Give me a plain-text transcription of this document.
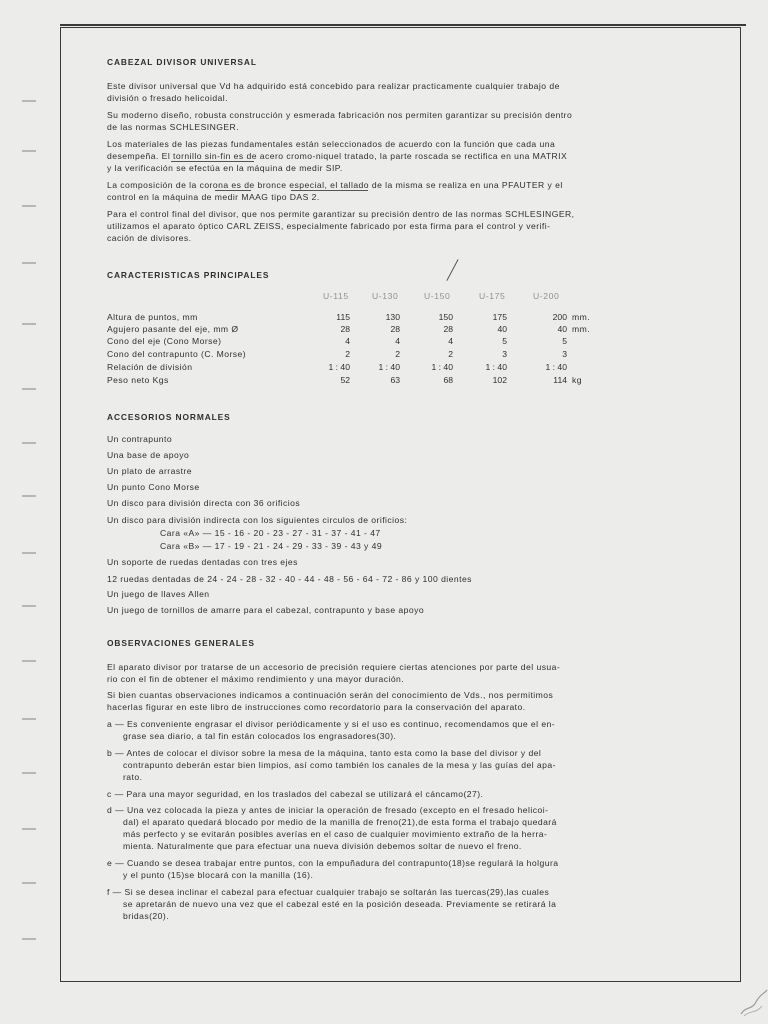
CABEZAL DIVISOR UNIVERSAL
Este divisor universal que Vd ha adquirido está concebido para realizar practicamente cualquier trabajo de
división o fresado helicoidal.
Su moderno diseño, robusta construcción y esmerada fabricación nos permiten garantizar su precisión dentro
de las normas SCHLESINGER.
Los materiales de las piezas fundamentales están seleccionados de acuerdo con la función que cada una
desempeña. El tornillo sin-fin es de acero cromo-niquel tratado, la parte roscada se rectifica en una MATRIX
y la verificación se efectúa en la máquina de medir SIP.
La composición de la corona es de bronce especial, el tallado de la misma se realiza en una PFAUTER y el
control en la máquina de medir MAAG tipo DAS 2.
Para el control final del divisor, que nos permite garantizar su precisión dentro de las normas SCHLESINGER,
utilizamos el aparato óptico CARL ZEISS, especialmente fabricado por esta firma para el control y verifi-
cación de divisores.
CARACTERISTICAS PRINCIPALES
U-115	U-130	U-150	U-175	U-200
Altura de puntos, mm	115	130	150	175	200 mm.
Agujero pasante del eje, mm Ø	28	28	28	40	40 mm.
Cono del eje (Cono Morse)	4	4	4	5	5
Cono del contrapunto (C. Morse)	2	2	2	3	3
Relación de división	1 : 40	1 : 40	1 : 40	1 : 40	1 : 40
Peso neto Kgs	52	63	68	102	114 kg
ACCESORIOS NORMALES
Un contrapunto
Una base de apoyo
Un plato de arrastre
Un punto Cono Morse
Un disco para división directa con 36 orificios
Un disco para división indirecta con los siguientes circulos de orificios:
Cara «A» — 15 - 16 - 20 - 23 - 27 - 31 - 37 - 41 - 47
Cara «B» — 17 - 19 - 21 - 24 - 29 - 33 - 39 - 43 y 49
Un soporte de ruedas dentadas con tres ejes
12 ruedas dentadas de 24 - 24 - 28 - 32 - 40 - 44 - 48 - 56 - 64 - 72 - 86 y 100 dientes
Un juego de llaves Allen
Un juego de tornillos de amarre para el cabezal, contrapunto y base apoyo
OBSERVACIONES GENERALES
El aparato divisor por tratarse de un accesorio de precisión requiere ciertas atenciones por parte del usua-
rio con el fin de obtener el máximo rendimiento y una mayor duración.
Si bien cuantas observaciones indicamos a continuación serán del conocimiento de Vds., nos permitimos
hacerlas figurar en este libro de instrucciones como recordatorio para la conservación del aparato.
a — Es conveniente engrasar el divisor periódicamente y si el uso es continuo, recomendamos que el en-
grase sea diario, a tal fin están colocados los engrasadores(30).
b — Antes de colocar el divisor sobre la mesa de la máquina, tanto esta como la base del divisor y del
contrapunto deberán estar bien limpios, así como también los canales de la mesa y las guías del apa-
rato.
c — Para una mayor seguridad, en los traslados del cabezal se utilizará el cáncamo(27).
d — Una vez colocada la pieza y antes de iniciar la operación de fresado (excepto en el fresado helicoi-
dal) el aparato quedará blocado por medio de la manilla de freno(21),de esta forma el trabajo quedará
más perfecto y se evitarán posibles averías en el caso de cualquier movimiento extraño de la herra-
mienta. Naturalmente que para efectuar una nueva división debemos soltar de nuevo el freno.
e — Cuando se desea trabajar entre puntos, con la empuñadura del contrapunto(18)se regulará la holgura
y el punto (15)se blocará con la manilla (16).
f — Si se desea inclinar el cabezal para efectuar cualquier trabajo se soltarán las tuercas(29),las cuales
se apretarán de nuevo una vez que el cabezal esté en la posición deseada. Previamente se retirará la
bridas(20).
